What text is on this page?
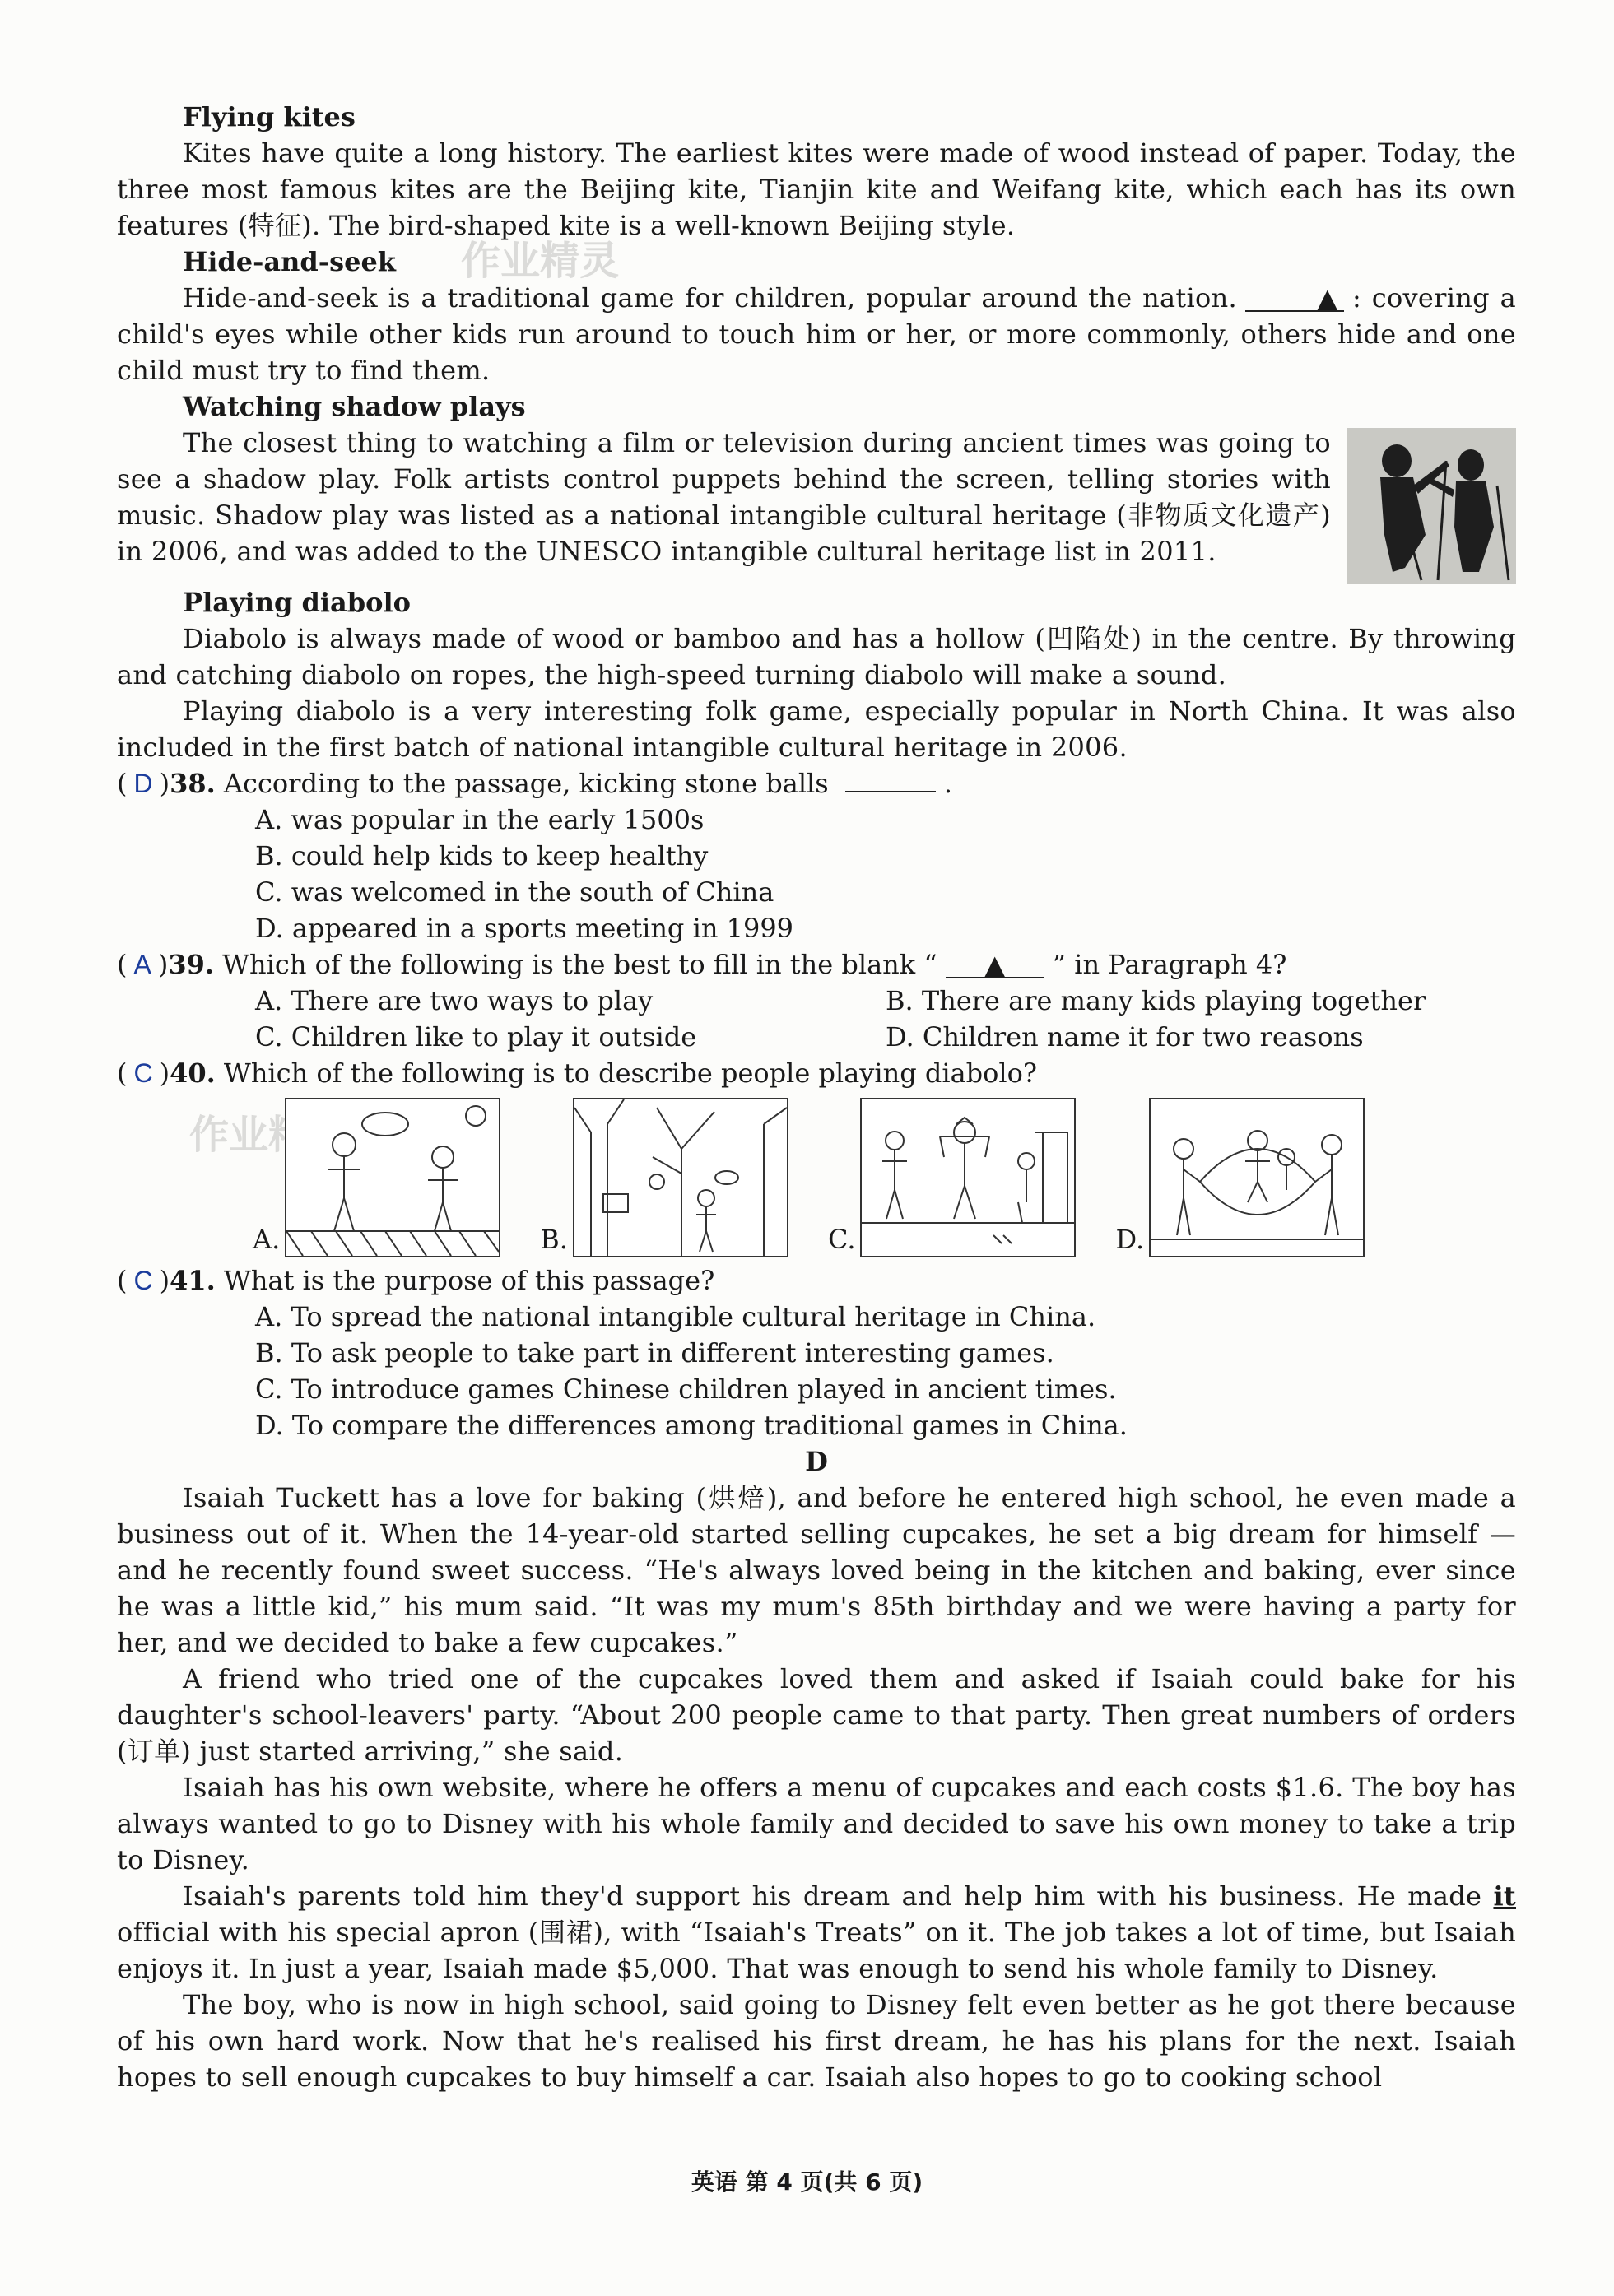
作业精灵
作业精灵

Flying kites

Kites have quite a long history. The earliest kites were made of wood instead of paper. Today, the three most famous kites are the Beijing kite, Tianjin kite and Weifang kite, which each has its own features (特征). The bird-shaped kite is a well-known Beijing style.

Hide-and-seek

Hide-and-seek is a traditional game for children, popular around the nation.	▲ : covering a child's eyes while other kids run around to touch him or her, or more commonly, others hide and one child must try to find them.

Watching shadow plays

The closest thing to watching a film or television during ancient times was going to see a shadow play. Folk artists control puppets behind the screen, telling stories with music. Shadow play was listed as a national intangible cultural heritage (非物质文化遗产) in 2006, and was added to the UNESCO intangible cultural heritage list in 2011.

Playing diabolo

Diabolo is always made of wood or bamboo and has a hollow (凹陷处) in the centre. By throwing and catching diabolo on ropes, the high-speed turning diabolo will make a sound.

Playing diabolo is a very interesting folk game, especially popular in North China. It was also included in the first batch of national intangible cultural heritage in 2006.

( D )38. According to the passage, kicking stone balls	.

A. was popular in the early 1500s

B. could help kids to keep healthy

C. was welcomed in the south of China

D. appeared in a sports meeting in 1999

( A )39. Which of the following is the best to fill in the blank “ ▲ ” in Paragraph 4?

A. There are two ways to play	B. There are many kids playing together
C. Children like to play it outside	D. Children name it for two reasons

( C )40. Which of the following is to describe people playing diabolo?

A.	B.	C.	D.

( C )41. What is the purpose of this passage?

A. To spread the national intangible cultural heritage in China.

B. To ask people to take part in different interesting games.

C. To introduce games Chinese children played in ancient times.

D. To compare the differences among traditional games in China.

D

Isaiah Tuckett has a love for baking (烘焙), and before he entered high school, he even made a business out of it. When the 14-year-old started selling cupcakes, he set a big dream for himself — and he recently found sweet success. “He's always loved being in the kitchen and baking, ever since he was a little kid,” his mum said. “It was my mum's 85th birthday and we were having a party for her, and we decided to bake a few cupcakes.”

A friend who tried one of the cupcakes loved them and asked if Isaiah could bake for his daughter's school-leavers' party. “About 200 people came to that party. Then great numbers of orders (订单) just started arriving,” she said.

Isaiah has his own website, where he offers a menu of cupcakes and each costs $1.6. The boy has always wanted to go to Disney with his whole family and decided to save his own money to take a trip to Disney.

Isaiah's parents told him they'd support his dream and help him with his business. He made it official with his special apron (围裙), with “Isaiah's Treats” on it. The job takes a lot of time, but Isaiah enjoys it. In just a year, Isaiah made $5,000. That was enough to send his whole family to Disney.

The boy, who is now in high school, said going to Disney felt even better as he got there because of his own hard work. Now that he's realised his first dream, he has his plans for the next. Isaiah hopes to sell enough cupcakes to buy himself a car. Isaiah also hopes to go to cooking school

英语 第 4 页(共 6 页)
